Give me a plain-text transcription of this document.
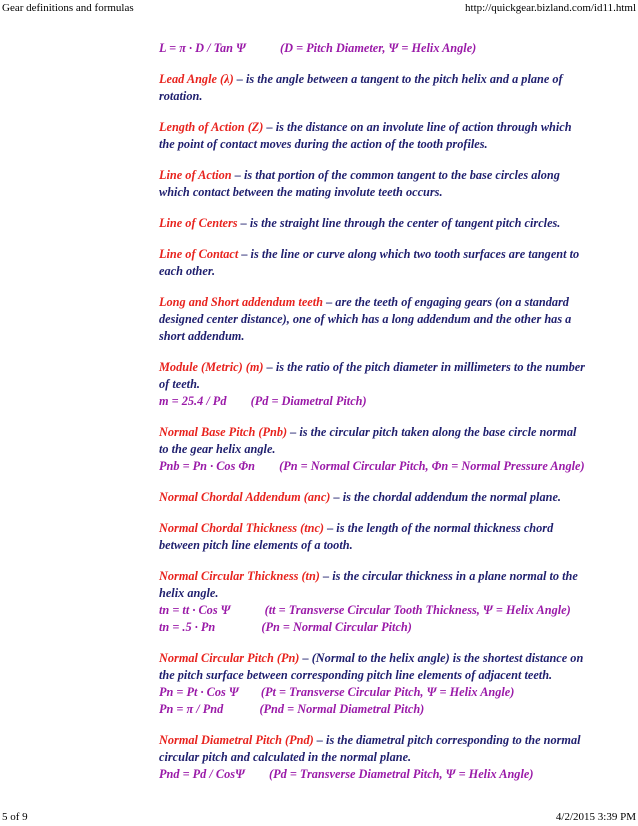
Gear definitions and formulas	http://quickgear.bizland.com/id11.html
L = π · D / Tan Ψ	(D = Pitch Diameter, Ψ = Helix Angle)
Lead Angle (λ) – is the angle between a tangent to the pitch helix and a plane of
rotation.
Length of Action (Z) – is the distance on an involute line of action through which
the point of contact moves during the action of the tooth profiles.
Line of Action – is that portion of the common tangent to the base circles along
which contact between the mating involute teeth occurs.
Line of Centers – is the straight line through the center of tangent pitch circles.
Line of Contact – is the line or curve along which two tooth surfaces are tangent to
each other.
Long and Short addendum teeth – are the teeth of engaging gears (on a standard
designed center distance), one of which has a long addendum and the other has a
short addendum.
Module (Metric) (m) – is the ratio of the pitch diameter in millimeters to the number
of teeth.
m = 25.4 / Pd (Pd = Diametral Pitch)
Normal Base Pitch (Pnb) – is the circular pitch taken along the base circle normal
to the gear helix angle.
Pnb = Pn · Cos Φn (Pn = Normal Circular Pitch, Φn = Normal Pressure Angle)
Normal Chordal Addendum (anc) – is the chordal addendum the normal plane.
Normal Chordal Thickness (tnc) – is the length of the normal thickness chord
between pitch line elements of a tooth.
Normal Circular Thickness (tn) – is the circular thickness in a plane normal to the
helix angle.
tn = tt · Cos Ψ	(tt = Transverse Circular Tooth Thickness, Ψ = Helix Angle)
tn = .5 · Pn	(Pn = Normal Circular Pitch)
Normal Circular Pitch (Pn) – (Normal to the helix angle) is the shortest distance on
the pitch surface between corresponding pitch line elements of adjacent teeth.
Pn = Pt · Cos Ψ (Pt = Transverse Circular Pitch, Ψ = Helix Angle)
Pn = π / Pnd	(Pnd = Normal Diametral Pitch)
Normal Diametral Pitch (Pnd) – is the diametral pitch corresponding to the normal
circular pitch and calculated in the normal plane.
Pnd = Pd / CosΨ (Pd = Transverse Diametral Pitch, Ψ = Helix Angle)
5 of 9	4/2/2015 3:39 PM
